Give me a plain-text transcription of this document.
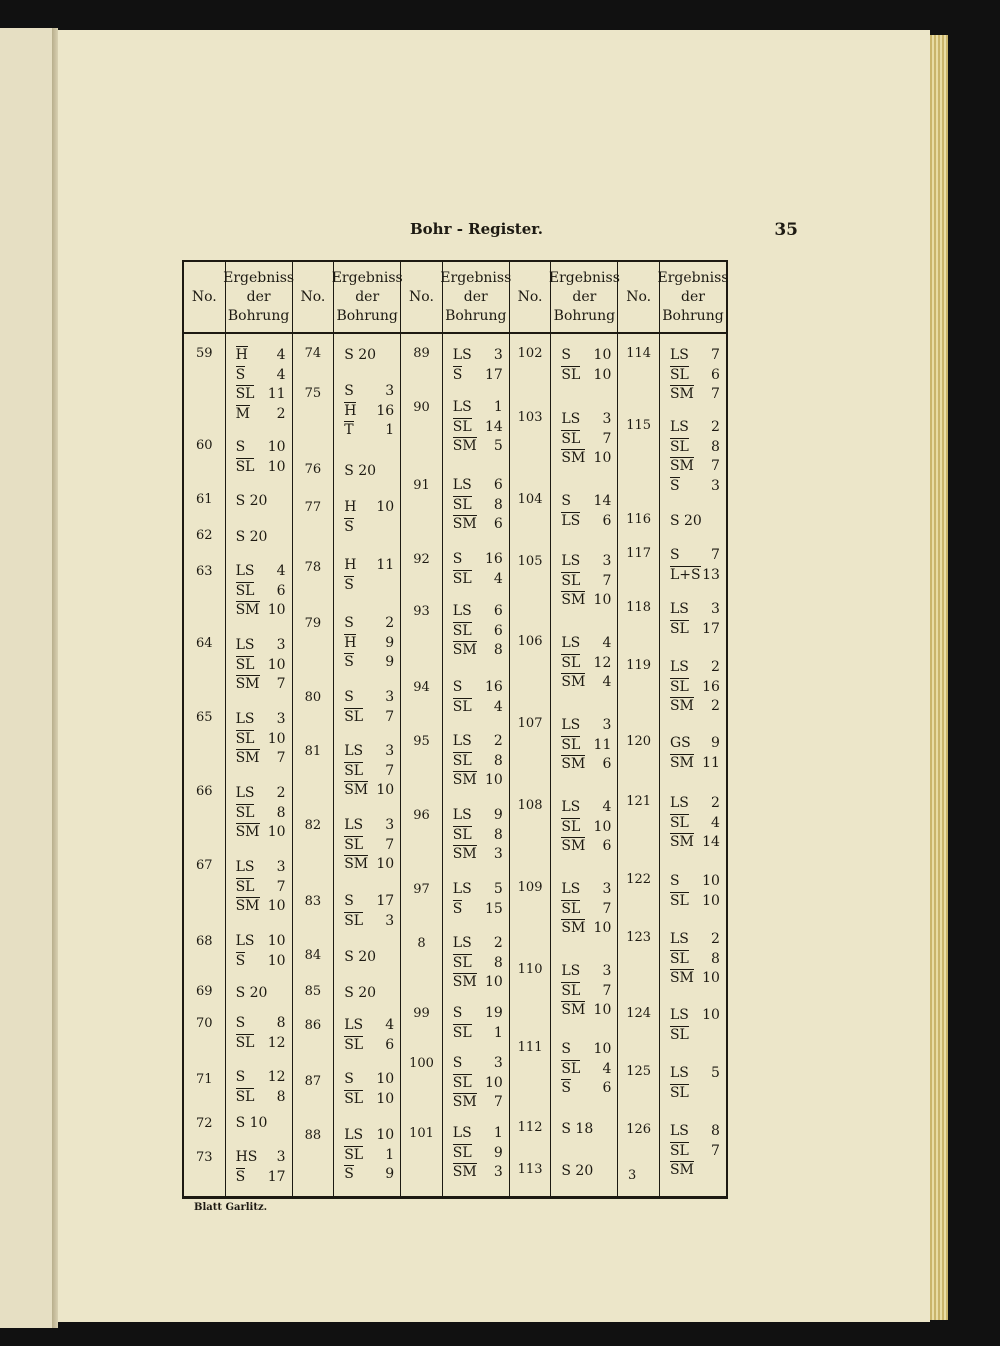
Bohr - Register.	35
No.
59
60
61
62
63
64
65
66
67
68
69
70
71
72
73
Ergebniss
der
Bohrung
H 4
S 4
SL 11
M 2
S 10
SL 10
S 20
S 20
LS 4
SL 6
SM 10
LS 3
SL 10
SM 7
LS 3
SL 10
SM 7
LS 2
SL 8
SM 10
LS 3
SL 7
SM 10
LS 10
S 10
S 20
S 8
SL 12
S 12
SL 8
S 10
HS 3
S 17
No.
74
75
76
77
78
79
80
81
82
83
84
85
86
87
88
Ergebniss
der
Bohrung
S 20
S 3
H 16
T 1
S 20
H 10
S
H 11
S
S 2
H 9
S 9
S 3
SL 7
LS 3
SL 7
SM 10
LS 3
SL 7
SM 10
S 17
SL 3
S 20
S 20
LS 4
SL 6
S 10
SL 10
LS 10
SL 1
S 9
No.
89
90
91
92
93
94
95
96
97
8
99
100
101
Ergebniss
der
Bohrung
LS 3
S 17
LS 1
SL 14
SM 5
LS 6
SL 8
SM 6
S 16
SL 4
LS 6
SL 6
SM 8
S 16
SL 4
LS 2
SL 8
SM 10
LS 9
SL 8
SM 3
LS 5
S 15
LS 2
SL 8
SM 10
S 19
SL 1
S 3
SL 10
SM 7
LS 1
SL 9
SM 3
No.
102
103
104
105
106
107
108
109
110
111
112
113
Ergebniss
der
Bohrung
S 10
SL 10
LS 3
SL 7
SM 10
S 14
LS 6
LS 3
SL 7
SM 10
LS 4
SL 12
SM 4
LS 3
SL 11
SM 6
LS 4
SL 10
SM 6
LS 3
SL 7
SM 10
LS 3
SL 7
SM 10
S 10
SL 4
S 6
S 18
S 20
No.
114
115
116
117
118
119
120
121
122
123
124
125
126
Ergebniss
der
Bohrung
LS 7
SL 6
SM 7
LS 2
SL 8
SM 7
S 3
S 20
S 7
L+S 13
LS 3
SL 17
LS 2
SL 16
SM 2
GS 9
SM 11
LS 2
SL 4
SM 14
S 10
SL 10
LS 2
SL 8
SM 10
LS 10
SL
LS 5
SL
LS 8
SL 7
SM
Blatt Garlitz.
3
